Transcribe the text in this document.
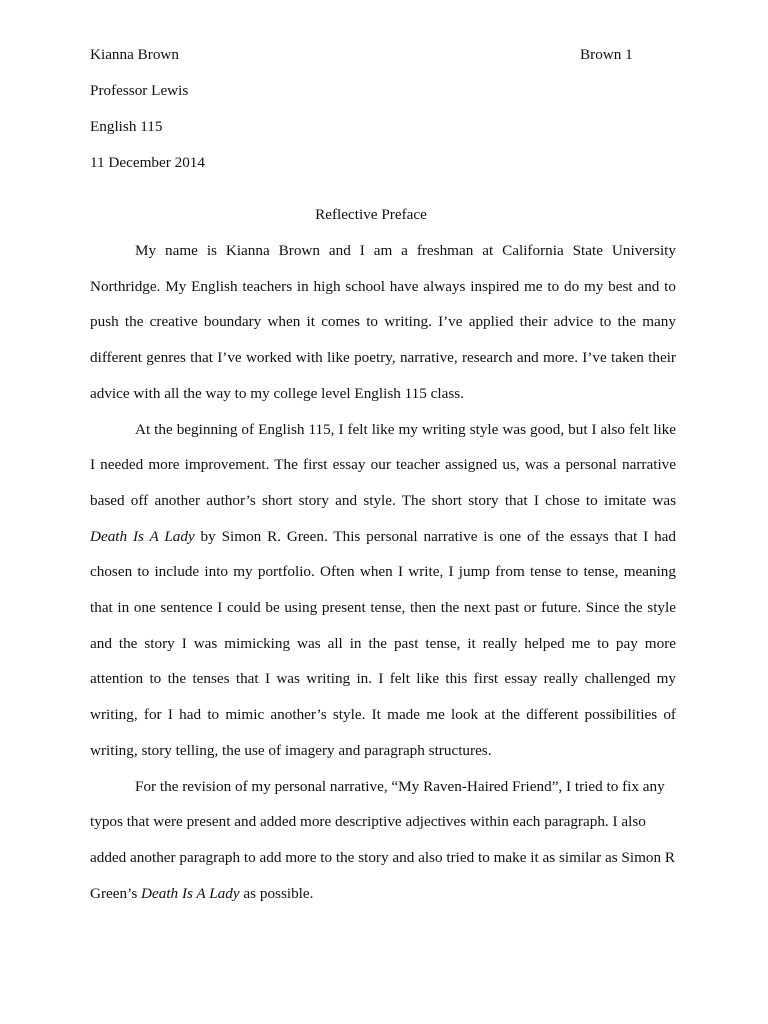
Kianna Brown	Brown 1
Professor Lewis
English 115
11 December 2014
Reflective Preface

My name is Kianna Brown and I am a freshman at California State University Northridge. My English teachers in high school have always inspired me to do my best and to push the creative boundary when it comes to writing. I’ve applied their advice to the many different genres that I’ve worked with like poetry, narrative, research and more. I’ve taken their advice with all the way to my college level English 115 class.

At the beginning of English 115, I felt like my writing style was good, but I also felt like I needed more improvement. The first essay our teacher assigned us, was a personal narrative based off another author’s short story and style. The short story that I chose to imitate was Death Is A Lady by Simon R. Green. This personal narrative is one of the essays that I had chosen to include into my portfolio. Often when I write, I jump from tense to tense, meaning that in one sentence I could be using present tense, then the next past or future. Since the style and the story I was mimicking was all in the past tense, it really helped me to pay more attention to the tenses that I was writing in. I felt like this first essay really challenged my writing, for I had to mimic another’s style. It made me look at the different possibilities of writing, story telling, the use of imagery and paragraph structures.

For the revision of my personal narrative, “My Raven-Haired Friend”, I tried to fix any typos that were present and added more descriptive adjectives within each paragraph. I also added another paragraph to add more to the story and also tried to make it as similar as Simon R Green’s Death Is A Lady as possible.
